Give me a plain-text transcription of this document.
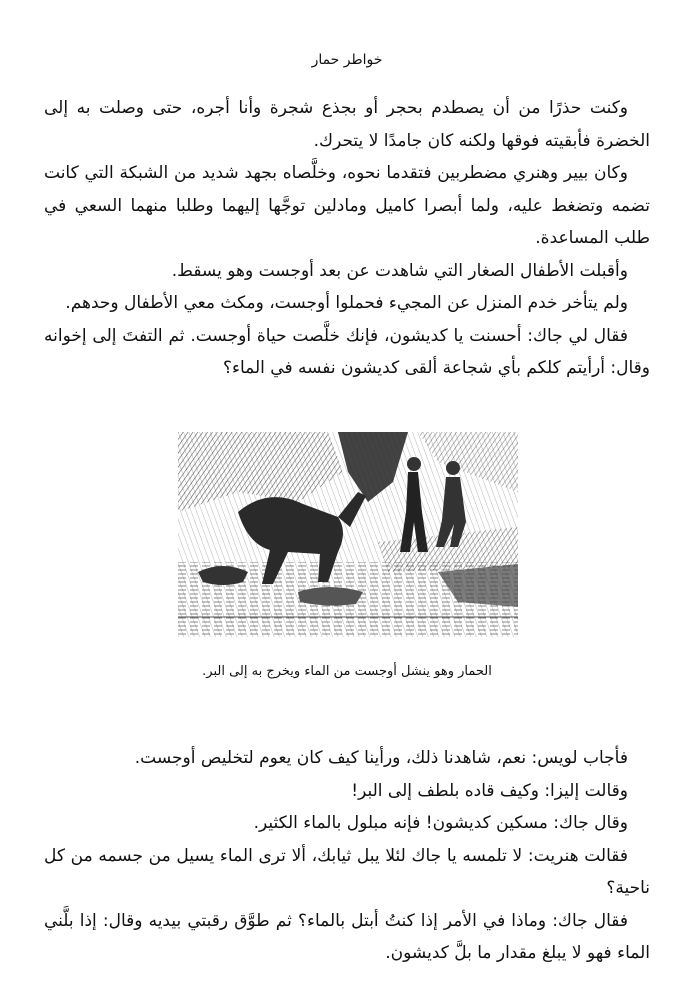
خواطر حمار

وكنت حذرًا من أن يصطدم بحجر أو بجذع شجرة وأنا أجره، حتى وصلت به إلى الخضرة فأبقيته فوقها ولكنه كان جامدًا لا يتحرك.

وكان بيير وهنري مضطربين فتقدما نحوه، وخلَّصاه بجهد شديد من الشبكة التي كانت تضمه وتضغط عليه، ولما أبصرا كاميل ومادلين توجَّها إليهما وطلبا منهما السعي في طلب المساعدة.

وأقبلت الأطفال الصغار التي شاهدت عن بعد أوجست وهو يسقط.

ولم يتأخر خدم المنزل عن المجيء فحملوا أوجست، ومكث معي الأطفال وحدهم.

فقال لي جاك: أحسنت يا كديشون، فإنك خلَّصت حياة أوجست. ثم التفتَ إلى إخوانه وقال: أرأيتم كلكم بأي شجاعة ألقى كديشون نفسه في الماء؟

الحمار وهو ينشل أوجست من الماء ويخرج به إلى البر.

فأجاب لويس: نعم، شاهدنا ذلك، ورأينا كيف كان يعوم لتخليص أوجست.

وقالت إليزا: وكيف قاده بلطف إلى البر!

وقال جاك: مسكين كديشون! فإنه مبلول بالماء الكثير.

فقالت هنريت: لا تلمسه يا جاك لئلا يبل ثيابك، ألا ترى الماء يسيل من جسمه من كل ناحية؟

فقال جاك: وماذا في الأمر إذا كنتُ أبتل بالماء؟ ثم طوَّق رقبتي بيديه وقال: إذا بلَّني الماء فهو لا يبلغ مقدار ما بلَّ كديشون.
